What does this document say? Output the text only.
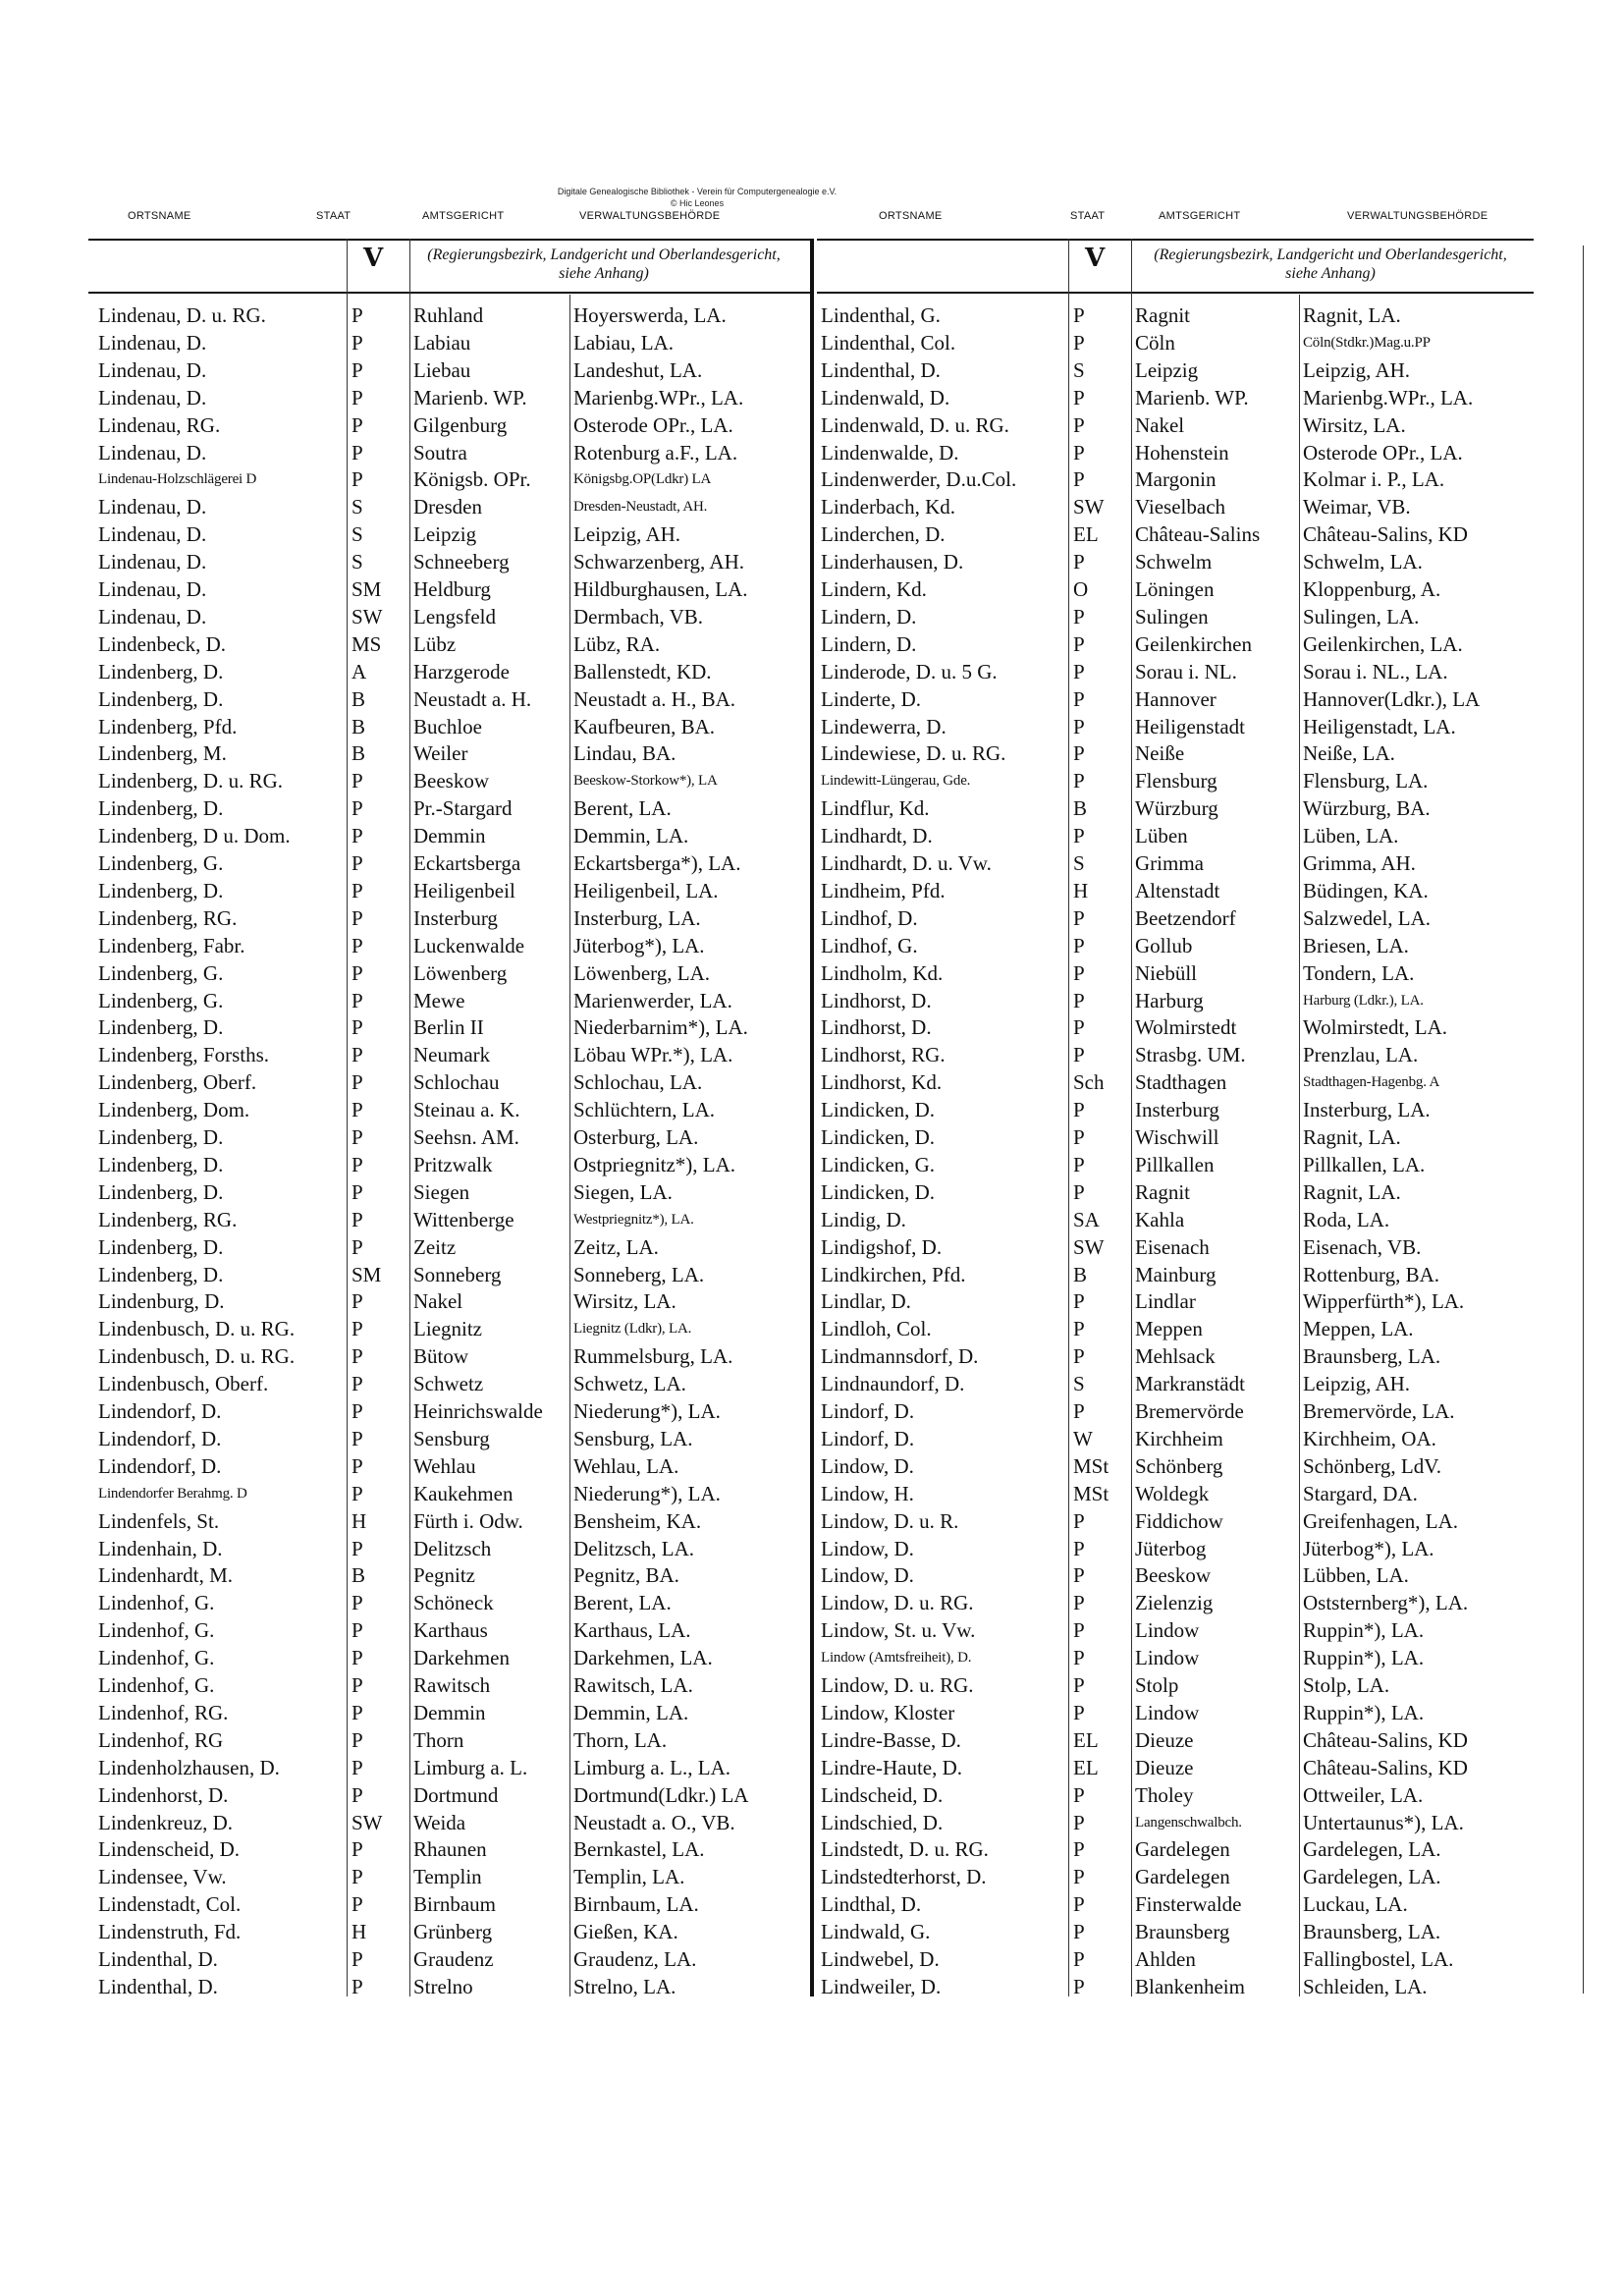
Digitale Genealogische Bibliothek - Verein für Computergenealogie e.V.
© Hic Leones
ORTSNAME	STAAT	AMTSGERICHT	VERWALTUNGSBEHÖRDE	ORTSNAME	STAAT	AMTSGERICHT	VERWALTUNGSBEHÖRDE
V	V
(Regierungsbezirk, Landgericht und Oberlandesgericht, siehe Anhang)
(Regierungsbezirk, Landgericht und Oberlandesgericht, siehe Anhang)
Lindenau, D. u. RG.	P	Ruhland	Hoyerswerda, LA.
Lindenau, D.	P	Labiau	Labiau, LA.
Lindenau, D.	P	Liebau	Landeshut, LA.
Lindenau, D.	P	Marienb. WP.	Marienbg.WPr., LA.
Lindenau, RG.	P	Gilgenburg	Osterode OPr., LA.
Lindenau, D.	P	Soutra	Rotenburg a.F., LA.
Lindenau-Holzschlägerei D	P	Königsb. OPr.	Königsbg.OP(Ldkr) LA
Lindenau, D.	S	Dresden	Dresden-Neustadt, AH.
Lindenau, D.	S	Leipzig	Leipzig, AH.
Lindenau, D.	S	Schneeberg	Schwarzenberg, AH.
Lindenau, D.	SM	Heldburg	Hildburghausen, LA.
Lindenau, D.	SW	Lengsfeld	Dermbach, VB.
Lindenbeck, D.	MS	Lübz	Lübz, RA.
Lindenberg, D.	A	Harzgerode	Ballenstedt, KD.
Lindenberg, D.	B	Neustadt a. H.	Neustadt a. H., BA.
Lindenberg, Pfd.	B	Buchloe	Kaufbeuren, BA.
Lindenberg, M.	B	Weiler	Lindau, BA.
Lindenberg, D. u. RG.	P	Beeskow	Beeskow-Storkow*), LA
Lindenberg, D.	P	Pr.-Stargard	Berent, LA.
Lindenberg, D u. Dom.	P	Demmin	Demmin, LA.
Lindenberg, G.	P	Eckartsberga	Eckartsberga*), LA.
Lindenberg, D.	P	Heiligenbeil	Heiligenbeil, LA.
Lindenberg, RG.	P	Insterburg	Insterburg, LA.
Lindenberg, Fabr.	P	Luckenwalde	Jüterbog*), LA.
Lindenberg, G.	P	Löwenberg	Löwenberg, LA.
Lindenberg, G.	P	Mewe	Marienwerder, LA.
Lindenberg, D.	P	Berlin II	Niederbarnim*), LA.
Lindenberg, Forsths.	P	Neumark	Löbau WPr.*), LA.
Lindenberg, Oberf.	P	Schlochau	Schlochau, LA.
Lindenberg, Dom.	P	Steinau a. K.	Schlüchtern, LA.
Lindenberg, D.	P	Seehsn. AM.	Osterburg, LA.
Lindenberg, D.	P	Pritzwalk	Ostpriegnitz*), LA.
Lindenberg, D.	P	Siegen	Siegen, LA.
Lindenberg, RG.	P	Wittenberge	Westpriegnitz*), LA.
Lindenberg, D.	P	Zeitz	Zeitz, LA.
Lindenberg, D.	SM	Sonneberg	Sonneberg, LA.
Lindenburg, D.	P	Nakel	Wirsitz, LA.
Lindenbusch, D. u. RG.	P	Liegnitz	Liegnitz (Ldkr), LA.
Lindenbusch, D. u. RG.	P	Bütow	Rummelsburg, LA.
Lindenbusch, Oberf.	P	Schwetz	Schwetz, LA.
Lindendorf, D.	P	Heinrichswalde	Niederung*), LA.
Lindendorf, D.	P	Sensburg	Sensburg, LA.
Lindendorf, D.	P	Wehlau	Wehlau, LA.
Lindendorfer Berahmg. D	P	Kaukehmen	Niederung*), LA.
Lindenfels, St.	H	Fürth i. Odw.	Bensheim, KA.
Lindenhain, D.	P	Delitzsch	Delitzsch, LA.
Lindenhardt, M.	B	Pegnitz	Pegnitz, BA.
Lindenhof, G.	P	Schöneck	Berent, LA.
Lindenhof, G.	P	Karthaus	Karthaus, LA.
Lindenhof, G.	P	Darkehmen	Darkehmen, LA.
Lindenhof, G.	P	Rawitsch	Rawitsch, LA.
Lindenhof, RG.	P	Demmin	Demmin, LA.
Lindenhof, RG	P	Thorn	Thorn, LA.
Lindenholzhausen, D.	P	Limburg a. L.	Limburg a. L., LA.
Lindenhorst, D.	P	Dortmund	Dortmund(Ldkr.) LA
Lindenkreuz, D.	SW	Weida	Neustadt a. O., VB.
Lindenscheid, D.	P	Rhaunen	Bernkastel, LA.
Lindensee, Vw.	P	Templin	Templin, LA.
Lindenstadt, Col.	P	Birnbaum	Birnbaum, LA.
Lindenstruth, Fd.	H	Grünberg	Gießen, KA.
Lindenthal, D.	P	Graudenz	Graudenz, LA.
Lindenthal, D.	P	Strelno	Strelno, LA.
Lindenthal, G.	P	Ragnit	Ragnit, LA.
Lindenthal, Col.	P	Cöln	Cöln(Stdkr.)Mag.u.PP
Lindenthal, D.	S	Leipzig	Leipzig, AH.
Lindenwald, D.	P	Marienb. WP.	Marienbg.WPr., LA.
Lindenwald, D. u. RG.	P	Nakel	Wirsitz, LA.
Lindenwalde, D.	P	Hohenstein	Osterode OPr., LA.
Lindenwerder, D.u.Col.	P	Margonin	Kolmar i. P., LA.
Linderbach, Kd.	SW	Vieselbach	Weimar, VB.
Linderchen, D.	EL	Château-Salins	Château-Salins, KD
Linderhausen, D.	P	Schwelm	Schwelm, LA.
Lindern, Kd.	O	Löningen	Kloppenburg, A.
Lindern, D.	P	Sulingen	Sulingen, LA.
Lindern, D.	P	Geilenkirchen	Geilenkirchen, LA.
Linderode, D. u. 5 G.	P	Sorau i. NL.	Sorau i. NL., LA.
Linderte, D.	P	Hannover	Hannover(Ldkr.), LA
Lindewerra, D.	P	Heiligenstadt	Heiligenstadt, LA.
Lindewiese, D. u. RG.	P	Neiße	Neiße, LA.
Lindewitt-Lüngerau, Gde.	P	Flensburg	Flensburg, LA.
Lindflur, Kd.	B	Würzburg	Würzburg, BA.
Lindhardt, D.	P	Lüben	Lüben, LA.
Lindhardt, D. u. Vw.	S	Grimma	Grimma, AH.
Lindheim, Pfd.	H	Altenstadt	Büdingen, KA.
Lindhof, D.	P	Beetzendorf	Salzwedel, LA.
Lindhof, G.	P	Gollub	Briesen, LA.
Lindholm, Kd.	P	Niebüll	Tondern, LA.
Lindhorst, D.	P	Harburg	Harburg (Ldkr.), LA.
Lindhorst, D.	P	Wolmirstedt	Wolmirstedt, LA.
Lindhorst, RG.	P	Strasbg. UM.	Prenzlau, LA.
Lindhorst, Kd.	Sch	Stadthagen	Stadthagen-Hagenbg. A
Lindicken, D.	P	Insterburg	Insterburg, LA.
Lindicken, D.	P	Wischwill	Ragnit, LA.
Lindicken, G.	P	Pillkallen	Pillkallen, LA.
Lindicken, D.	P	Ragnit	Ragnit, LA.
Lindig, D.	SA	Kahla	Roda, LA.
Lindigshof, D.	SW	Eisenach	Eisenach, VB.
Lindkirchen, Pfd.	B	Mainburg	Rottenburg, BA.
Lindlar, D.	P	Lindlar	Wipperfürth*), LA.
Lindloh, Col.	P	Meppen	Meppen, LA.
Lindmannsdorf, D.	P	Mehlsack	Braunsberg, LA.
Lindnaundorf, D.	S	Markranstädt	Leipzig, AH.
Lindorf, D.	P	Bremervörde	Bremervörde, LA.
Lindorf, D.	W	Kirchheim	Kirchheim, OA.
Lindow, D.	MSt	Schönberg	Schönberg, LdV.
Lindow, H.	MSt	Woldegk	Stargard, DA.
Lindow, D. u. R.	P	Fiddichow	Greifenhagen, LA.
Lindow, D.	P	Jüterbog	Jüterbog*), LA.
Lindow, D.	P	Beeskow	Lübben, LA.
Lindow, D. u. RG.	P	Zielenzig	Oststernberg*), LA.
Lindow, St. u. Vw.	P	Lindow	Ruppin*), LA.
Lindow (Amtsfreiheit), D.	P	Lindow	Ruppin*), LA.
Lindow, D. u. RG.	P	Stolp	Stolp, LA.
Lindow, Kloster	P	Lindow	Ruppin*), LA.
Lindre-Basse, D.	EL	Dieuze	Château-Salins, KD
Lindre-Haute, D.	EL	Dieuze	Château-Salins, KD
Lindscheid, D.	P	Tholey	Ottweiler, LA.
Lindschied, D.	P	Langenschwalbch.	Untertaunus*), LA.
Lindstedt, D. u. RG.	P	Gardelegen	Gardelegen, LA.
Lindstedterhorst, D.	P	Gardelegen	Gardelegen, LA.
Lindthal, D.	P	Finsterwalde	Luckau, LA.
Lindwald, G.	P	Braunsberg	Braunsberg, LA.
Lindwebel, D.	P	Ahlden	Fallingbostel, LA.
Lindweiler, D.	P	Blankenheim	Schleiden, LA.
